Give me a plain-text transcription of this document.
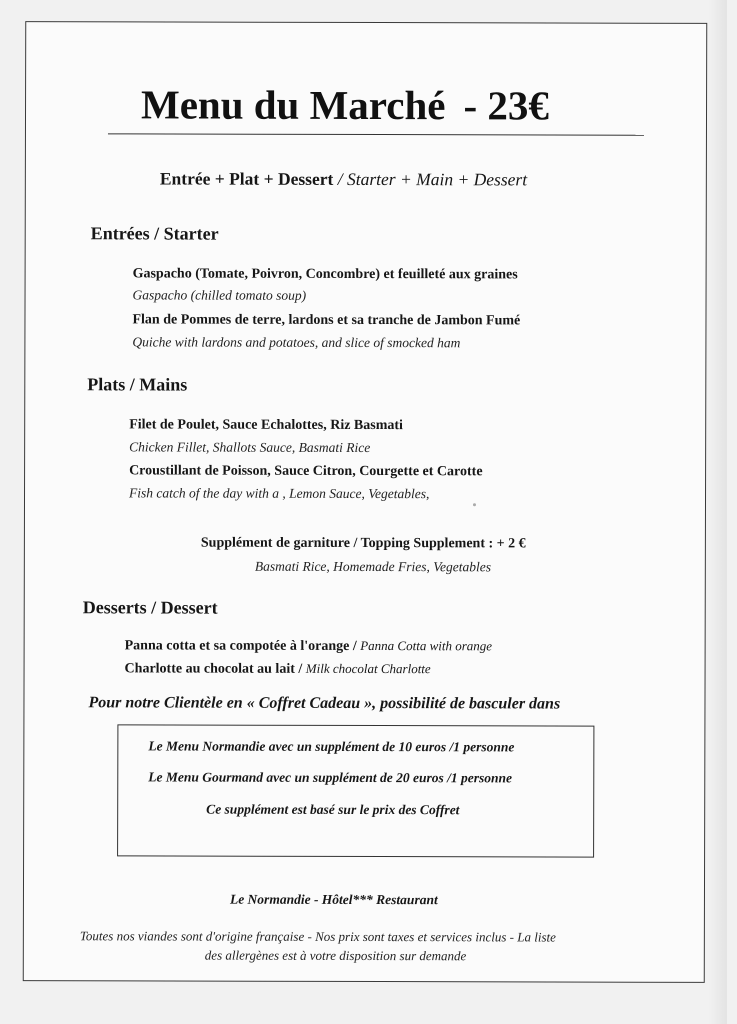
Menu du Marché - 23€
Entrée + Plat + Dessert / Starter + Main + Dessert
Entrées / Starter
Gaspacho (Tomate, Poivron, Concombre) et feuilleté aux graines
Gaspacho (chilled tomato soup)
Flan de Pommes de terre, lardons et sa tranche de Jambon Fumé
Quiche with lardons and potatoes, and slice of smocked ham
Plats / Mains
Filet de Poulet, Sauce Echalottes, Riz Basmati
Chicken Fillet, Shallots Sauce, Basmati Rice
Croustillant de Poisson, Sauce Citron, Courgette et Carotte
Fish catch of the day with a , Lemon Sauce, Vegetables,
Supplément de garniture / Topping Supplement : + 2 €
Basmati Rice, Homemade Fries, Vegetables
Desserts / Dessert
Panna cotta et sa compotée à l'orange / Panna Cotta with orange
Charlotte au chocolat au lait / Milk chocolat Charlotte
Pour notre Clientèle en « Coffret Cadeau », possibilité de basculer dans
Le Menu Normandie avec un supplément de 10 euros /1 personne
Le Menu Gourmand avec un supplément de 20 euros /1 personne
Ce supplément est basé sur le prix des Coffret
Le Normandie - Hôtel*** Restaurant
Toutes nos viandes sont d'origine française - Nos prix sont taxes et services inclus - La liste
des allergènes est à votre disposition sur demande
